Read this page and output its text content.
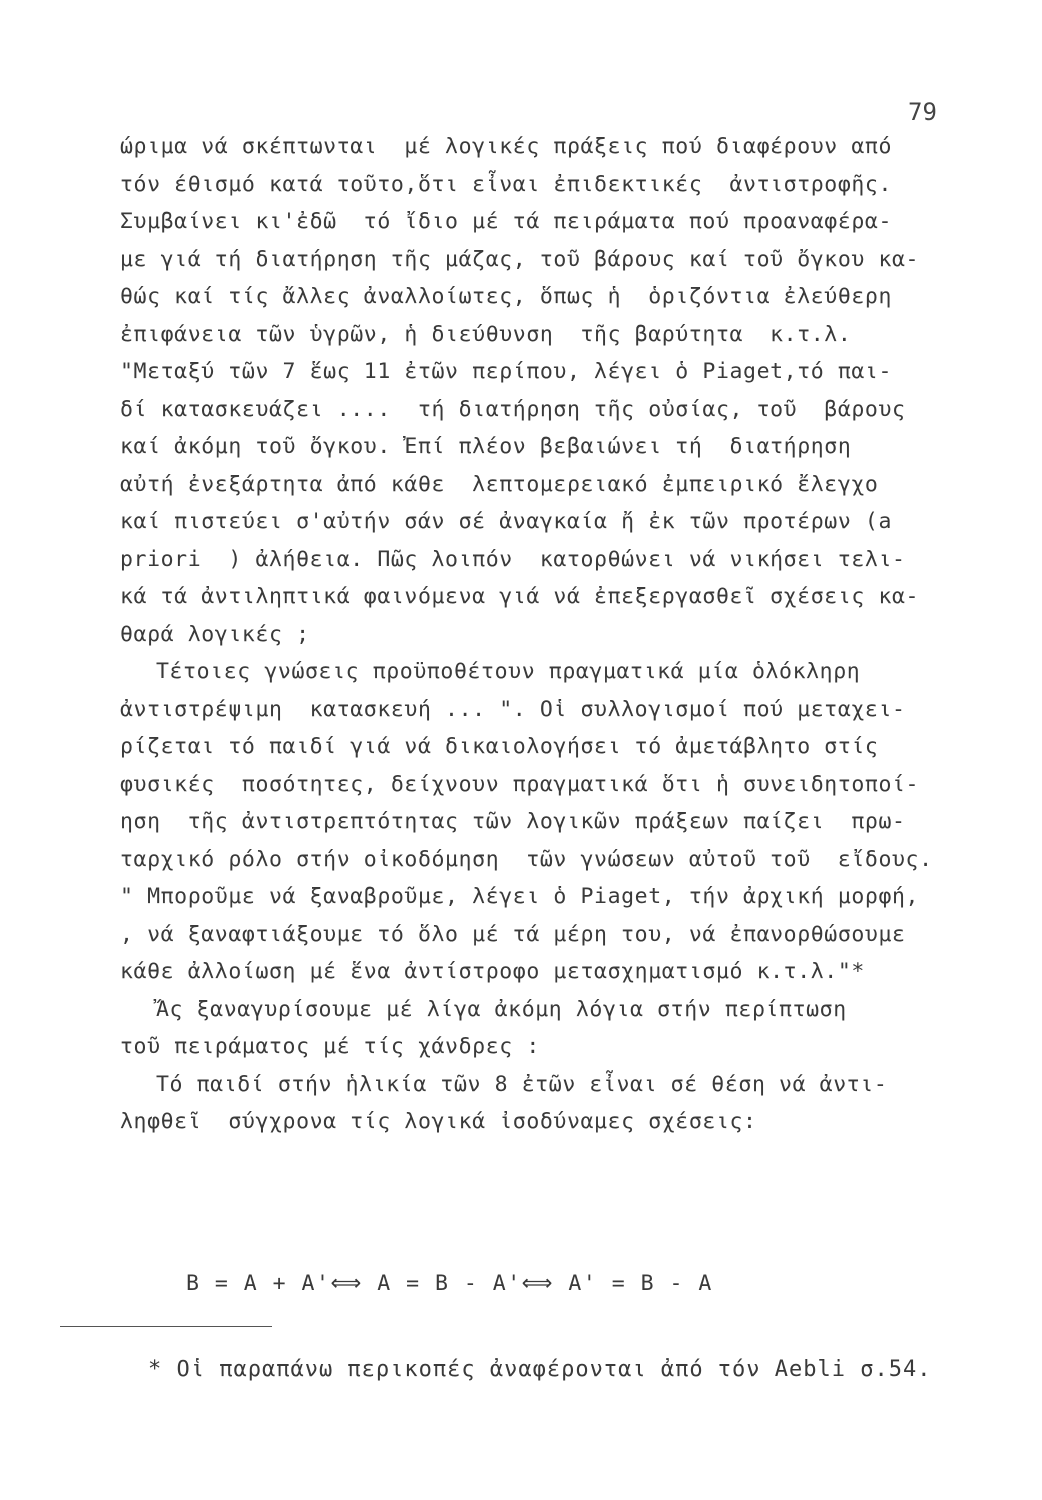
79
ώριμα νά σκέπτωνται  μέ λογικές πράξεις πού διαφέρουν από
τόν έθισμό κατά τοῦτο,ὅτι εἶναι ἐπιδεκτικές  ἀντιστροφῆς.
Συμβαίνει κι'ἐδῶ  τό ἴδιο μέ τά πειράματα πού προαναφέρα-
με γιά τή διατήρηση τῆς μάζας, τοῦ βάρους καί τοῦ ὄγκου κα-
θώς καί τίς ἄλλες ἀναλλοίωτες, ὅπως ἡ  ὁριζόντια ἐλεύθερη
ἐπιφάνεια τῶν ὑγρῶν, ἡ διεύθυνση  τῆς βαρύτητα  κ.τ.λ.
"Μεταξύ τῶν 7 ἕως 11 ἐτῶν περίπου, λέγει ὁ Piaget,τό παι-
δί κατασκευάζει ....  τή διατήρηση τῆς οὐσίας, τοῦ  βάρους
καί ἀκόμη τοῦ ὄγκου. Ἐπί πλέον βεβαιώνει τή  διατήρηση
αὐτή ἐνεξάρτητα ἀπό κάθε  λεπτομερειακό ἐμπειρικό ἔλεγχο
καί πιστεύει σ'αὐτήν σάν σέ ἀναγκαία ἤ ἐκ τῶν προτέρων (a
priori  ) ἀλήθεια. Πῶς λοιπόν  κατορθώνει νά νικήσει τελι-
κά τά ἀντιληπτικά φαινόμενα γιά νά ἐπεξεργασθεῖ σχέσεις κα-
θαρά λογικές ;
Τέτοιες γνώσεις προϋποθέτουν πραγματικά μία ὁλόκληρη
ἀντιστρέψιμη  κατασκευή ... ". Οἱ συλλογισμοί πού μεταχει-
ρίζεται τό παιδί γιά νά δικαιολογήσει τό ἀμετάβλητο στίς
φυσικές  ποσότητες, δείχνουν πραγματικά ὅτι ἡ συνειδητοποί-
ηση  τῆς ἀντιστρεπτότητας τῶν λογικῶν πράξεων παίζει  πρω-
ταρχικό ρόλο στήν οἰκοδόμηση  τῶν γνώσεων αὐτοῦ τοῦ  εἴδους.
" Μποροῦμε νά ξαναβροῦμε, λέγει ὁ Piaget, τήν ἀρχική μορφή,
, νά ξαναφτιάξουμε τό ὅλο μέ τά μέρη του, νά ἐπανορθώσουμε
κάθε ἀλλοίωση μέ ἕνα ἀντίστροφο μετασχηματισμό κ.τ.λ."*
Ἄς ξαναγυρίσουμε μέ λίγα ἀκόμη λόγια στήν περίπτωση
τοῦ πειράματος μέ τίς χάνδρες :
Τό παιδί στήν ἡλικία τῶν 8 ἐτῶν εἶναι σέ θέση νά ἀντι-
ληφθεῖ  σύγχρονα τίς λογικά ἰσοδύναμες σχέσεις:
B = A + A'⟺ A = B - A'⟺ A' = B - A
* Οἱ παραπάνω περικοπές ἀναφέρονται ἀπό τόν Aebli σ.54.
